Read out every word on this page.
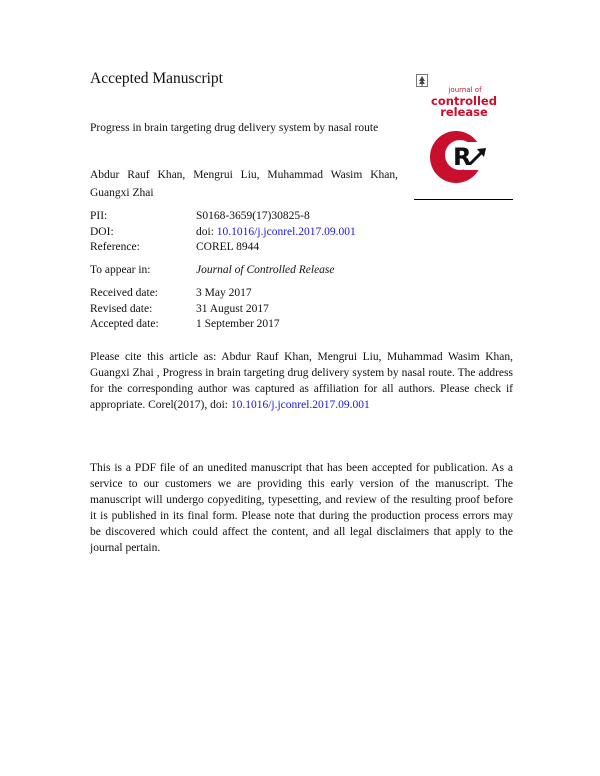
Accepted Manuscript
journal of
controlled
release
R
Progress in brain targeting drug delivery system by nasal route
Abdur Rauf Khan, Mengrui Liu, Muhammad Wasim Khan, Guangxi Zhai
PII:	S0168-3659(17)30825-8
DOI:	doi: 10.1016/j.jconrel.2017.09.001
Reference:	COREL 8944
To appear in:	Journal of Controlled Release
Received date:	3 May 2017
Revised date:	31 August 2017
Accepted date:	1 September 2017
Please cite this article as: Abdur Rauf Khan, Mengrui Liu, Muhammad Wasim Khan, Guangxi Zhai , Progress in brain targeting drug delivery system by nasal route. The address for the corresponding author was captured as affiliation for all authors. Please check if appropriate. Corel(2017), doi: 10.1016/j.jconrel.2017.09.001
This is a PDF file of an unedited manuscript that has been accepted for publication. As a service to our customers we are providing this early version of the manuscript. The manuscript will undergo copyediting, typesetting, and review of the resulting proof before it is published in its final form. Please note that during the production process errors may be discovered which could affect the content, and all legal disclaimers that apply to the journal pertain.
